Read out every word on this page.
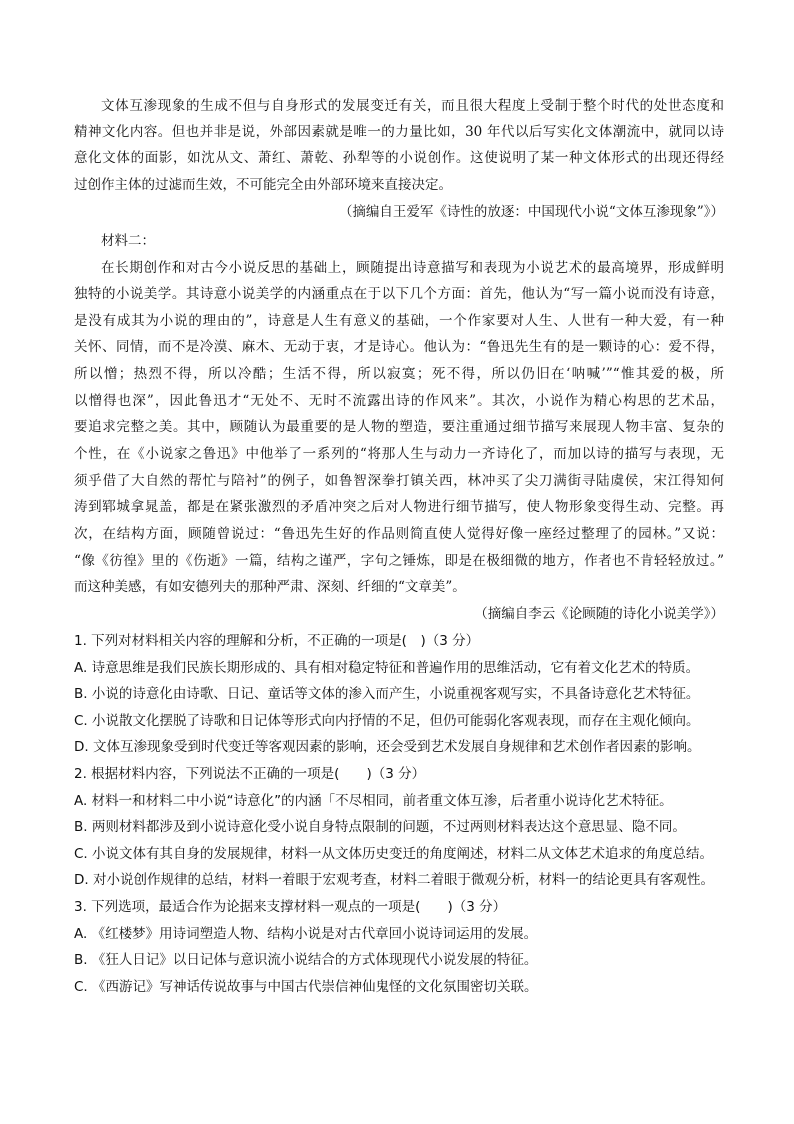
文体互渗现象的生成不但与自身形式的发展变迁有关，而且很大程度上受制于整个时代的处世态度和
精神文化内容。但也并非是说，外部因素就是唯一的力量比如，30 年代以后写实化文体潮流中，就同以诗
意化文体的面影，如沈从文、萧红、萧乾、孙犁等的小说创作。这使说明了某一种文体形式的出现还得经
过创作主体的过滤而生效，不可能完全由外部环境来直接决定。
（摘编自王爱军《诗性的放逐：中国现代小说“文体互渗现象”》）
材料二：
在长期创作和对古今小说反思的基础上，顾随提出诗意描写和表现为小说艺术的最高境界，形成鲜明
独特的小说美学。其诗意小说美学的内涵重点在于以下几个方面：首先，他认为“写一篇小说而没有诗意，
是没有成其为小说的理由的”，诗意是人生有意义的基础，一个作家要对人生、人世有一种大爱，有一种
关怀、同情，而不是冷漠、麻木、无动于衷，才是诗心。他认为：“鲁迅先生有的是一颗诗的心：爱不得，
所以憎；热烈不得，所以冷酷；生活不得，所以寂寞；死不得，所以仍旧在‘呐喊’”“惟其爱的极，所
以憎得也深”，因此鲁迅才“无处不、无时不流露出诗的作风来”。其次，小说作为精心构思的艺术品，
要追求完整之美。其中，顾随认为最重要的是人物的塑造，要注重通过细节描写来展现人物丰富、复杂的
个性，在《小说家之鲁迅》中他举了一系列的“将那人生与动力一齐诗化了，而加以诗的描写与表现，无
须乎借了大自然的帮忙与陪衬”的例子，如鲁智深拳打镇关西，林冲买了尖刀满街寻陆虞侯，宋江得知何
涛到郓城拿晁盖，都是在紧张激烈的矛盾冲突之后对人物进行细节描写，使人物形象变得生动、完整。再
次，在结构方面，顾随曾说过：“鲁迅先生好的作品则简直使人觉得好像一座经过整理了的园林。”又说：
“像《彷徨》里的《伤逝》一篇，结构之谨严，字句之锤炼，即是在极细微的地方，作者也不肯轻轻放过。”
而这种美感，有如安德列夫的那种严肃、深刻、纤细的“文章美”。
（摘编自李云《论顾随的诗化小说美学》）
1. 下列对材料相关内容的理解和分析，不正确的一项是(　)（3 分）
A. 诗意思维是我们民族长期形成的、具有相对稳定特征和普遍作用的思维活动，它有着文化艺术的特质。
B. 小说的诗意化由诗歌、日记、童话等文体的渗入而产生，小说重视客观写实，不具备诗意化艺术特征。
C. 小说散文化摆脱了诗歌和日记体等形式向内抒情的不足，但仍可能弱化客观表现，而存在主观化倾向。
D. 文体互渗现象受到时代变迁等客观因素的影响，还会受到艺术发展自身规律和艺术创作者因素的影响。
2. 根据材料内容，下列说法不正确的一项是(　　)（3 分）
A. 材料一和材料二中小说“诗意化”的内涵「不尽相同，前者重文体互渗，后者重小说诗化艺术特征。
B. 两则材料都涉及到小说诗意化受小说自身特点限制的问题，不过两则材料表达这个意思显、隐不同。
C. 小说文体有其自身的发展规律，材料一从文体历史变迁的角度阐述，材料二从文体艺术追求的角度总结。
D. 对小说创作规律的总结，材料一着眼于宏观考查，材料二着眼于微观分析，材料一的结论更具有客观性。
3. 下列选项，最适合作为论据来支撑材料一观点的一项是(　　)（3 分）
A. 《红楼梦》用诗词塑造人物、结构小说是对古代章回小说诗词运用的发展。
B. 《狂人日记》以日记体与意识流小说结合的方式体现现代小说发展的特征。
C. 《西游记》写神话传说故事与中国古代崇信神仙鬼怪的文化氛围密切关联。
